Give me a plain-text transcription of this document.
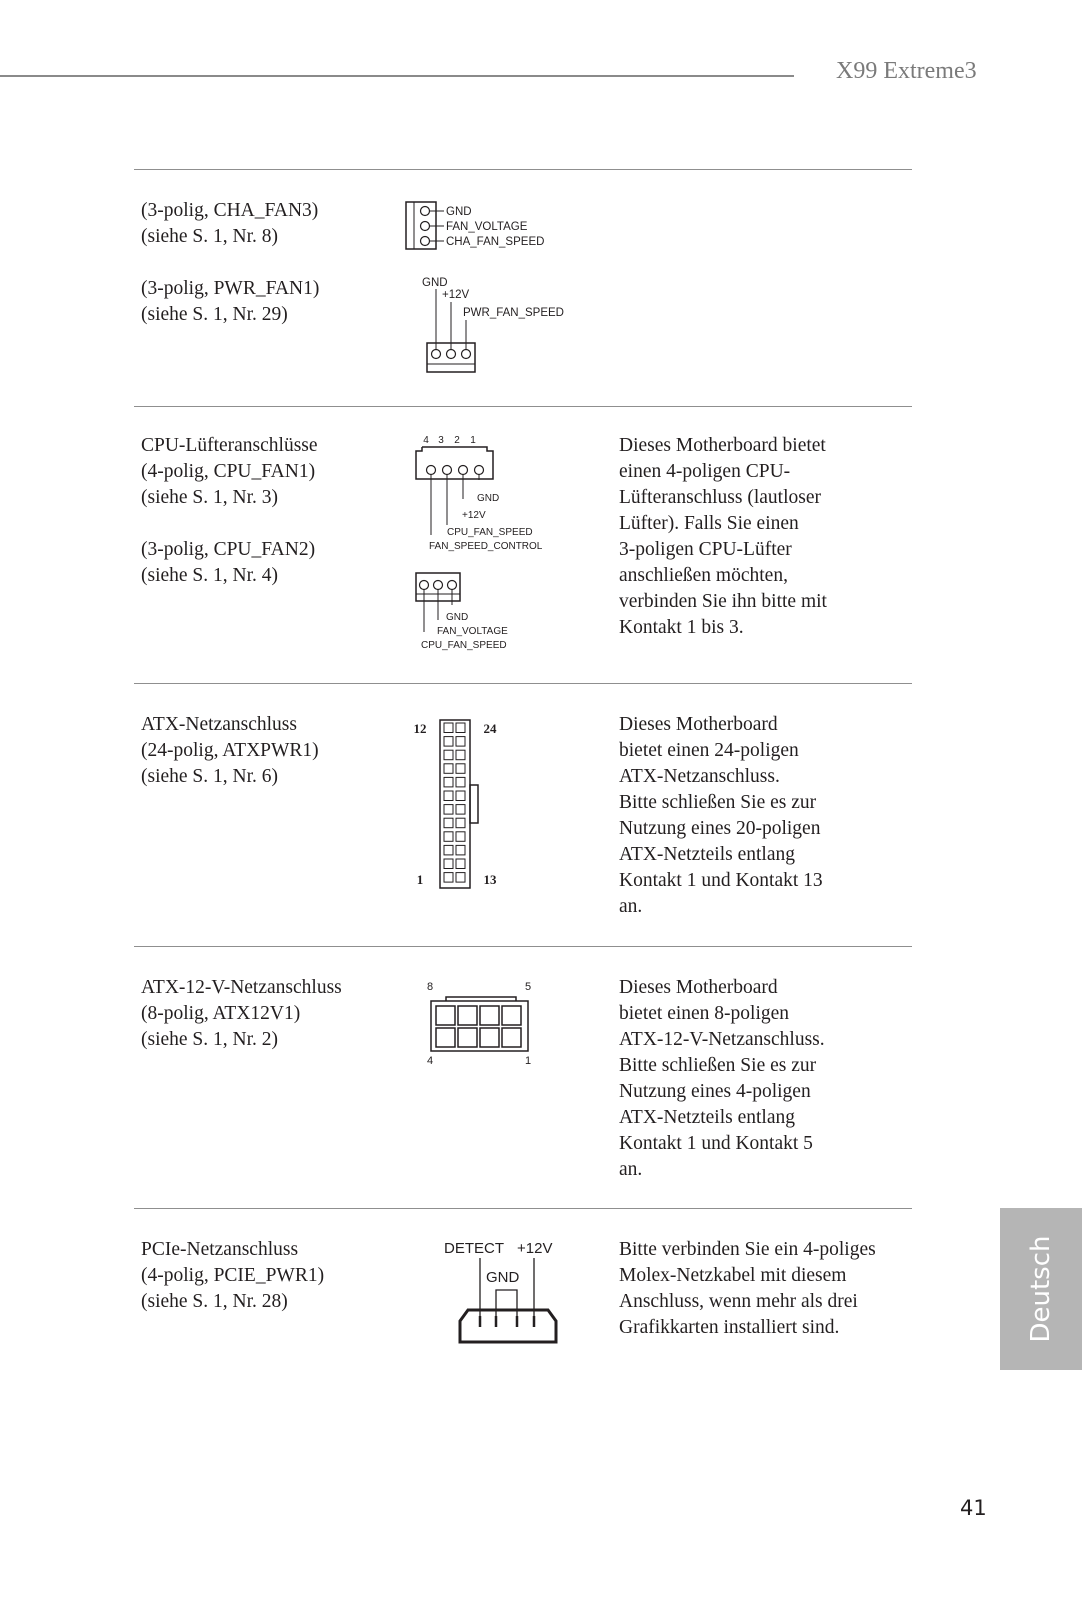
X99 Extreme3
(3-polig, CHA_FAN3)
(siehe S. 1, Nr. 8)
(3-polig, PWR_FAN1)
(siehe S. 1, Nr. 29)
GND
FAN_VOLTAGE
CHA_FAN_SPEED
GND
+12V
PWR_FAN_SPEED
CPU-Lüfteranschlüsse
(4-polig, CPU_FAN1)
(siehe S. 1, Nr. 3)
(3-polig, CPU_FAN2)
(siehe S. 1, Nr. 4)
4 3 2 1
GND
+12V
CPU_FAN_SPEED
FAN_SPEED_CONTROL
GND
FAN_VOLTAGE
CPU_FAN_SPEED
Dieses Motherboard bietet
einen 4-poligen CPU-
Lüfteranschluss (lautloser
Lüfter). Falls Sie einen
3-poligen CPU-Lüfter
anschließen möchten,
verbinden Sie ihn bitte mit
Kontakt 1 bis 3.
ATX-Netzanschluss
(24-polig, ATXPWR1)
(siehe S. 1, Nr. 6)
12	24
1	13
Dieses Motherboard
bietet einen 24-poligen
ATX-Netzanschluss.
Bitte schließen Sie es zur
Nutzung eines 20-poligen
ATX-Netzteils entlang
Kontakt 1 und Kontakt 13
an.
ATX-12-V-Netzanschluss
(8-polig, ATX12V1)
(siehe S. 1, Nr. 2)
8	5
4	1
Dieses Motherboard
bietet einen 8-poligen
ATX-12-V-Netzanschluss.
Bitte schließen Sie es zur
Nutzung eines 4-poligen
ATX-Netzteils entlang
Kontakt 1 und Kontakt 5
an.
PCIe-Netzanschluss
(4-polig, PCIE_PWR1)
(siehe S. 1, Nr. 28)
DETECT +12V
GND
Bitte verbinden Sie ein 4-poliges
Molex-Netzkabel mit diesem
Anschluss, wenn mehr als drei
Grafikkarten installiert sind.	Deutsch
41
